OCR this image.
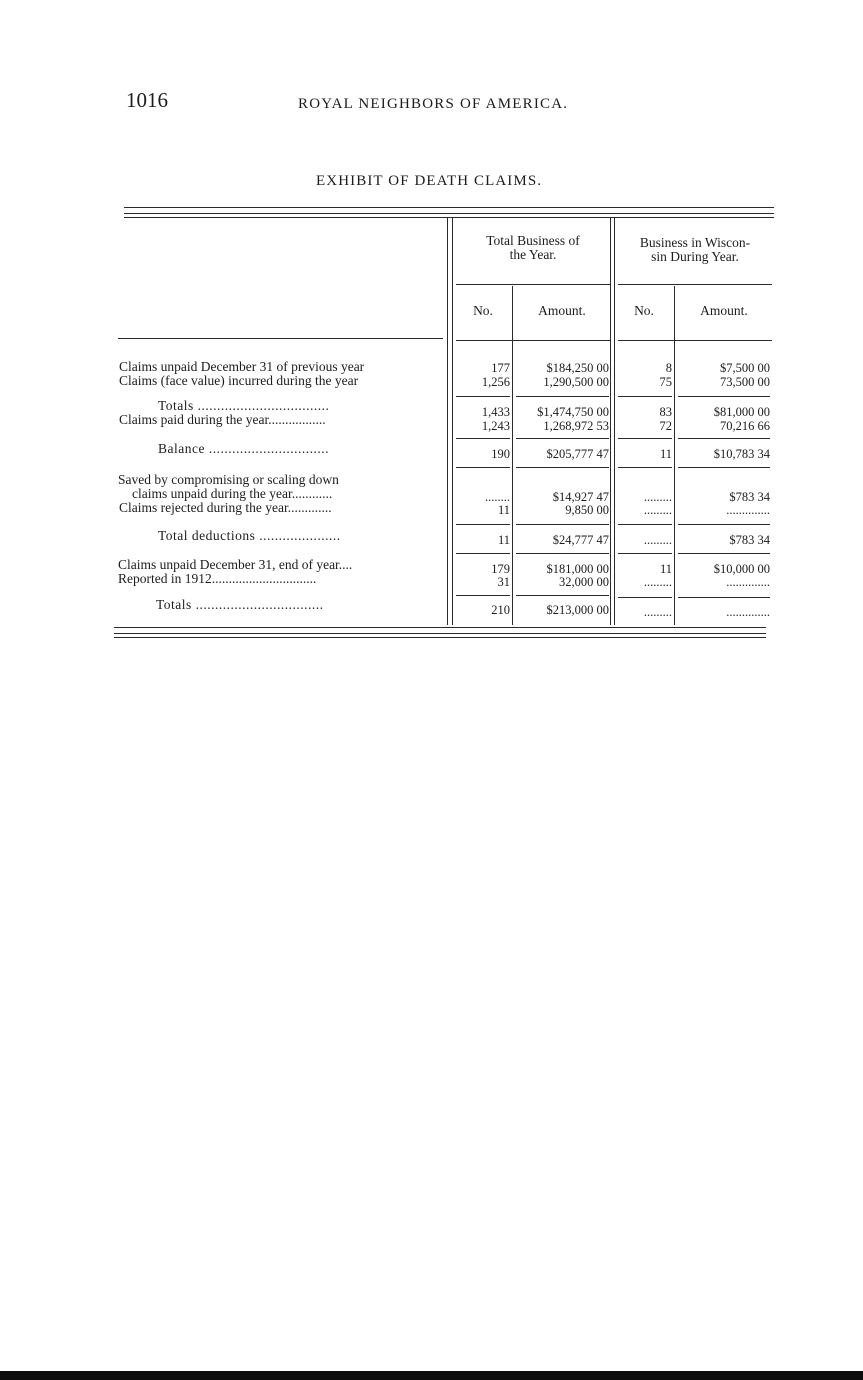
1016	ROYAL NEIGHBORS OF AMERICA.
EXHIBIT OF DEATH CLAIMS.
Total Business of
the Year.
Business in Wiscon-
sin During Year.
No.	Amount.	No.	Amount.
Claims unpaid December 31 of previous year	177	$184,250 00	8	$7,500 00
Claims (face value) incurred during the year	1,256	1,290,500 00	75	73,500 00
Totals ..................................	1,433	$1,474,750 00	83	$81,000 00
Claims paid during the year.................	1,243	1,268,972 53	72	70,216 66
Balance ...............................	190	$205,777 47	11	$10,783 34
Saved by compromising or scaling down
claims unpaid during the year............	........	$14,927 47	.........	$783 34
Claims rejected during the year.............	11	9,850 00	.........	..............
Total deductions .....................	11	$24,777 47	.........	$783 34
Claims unpaid December 31, end of year....	179	$181,000 00	11	$10,000 00
Reported in 1912...............................	31	32,000 00	.........	..............
Totals .................................	210	$213,000 00	.........	..............
